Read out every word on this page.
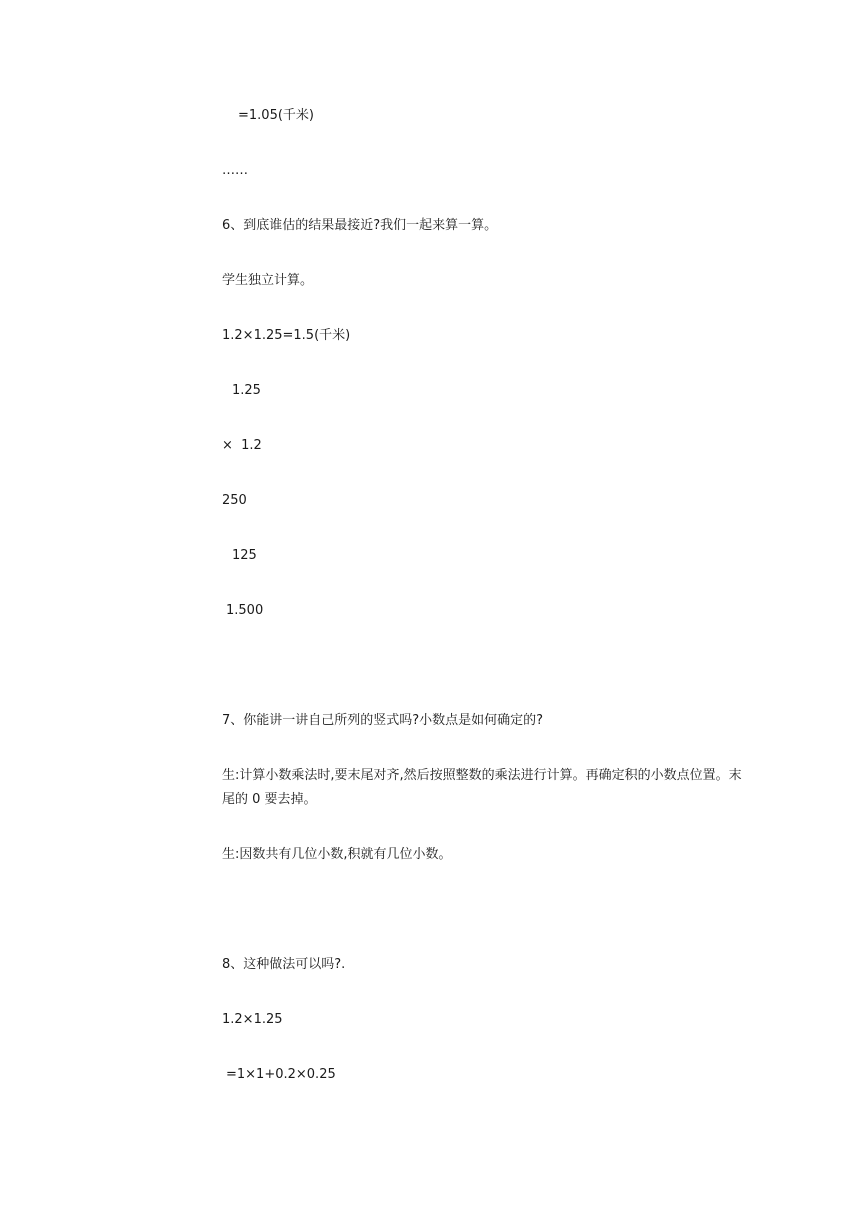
=1.05(千米)
……
6、到底谁估的结果最接近?我们一起来算一算。
学生独立计算。
1.2×1.25=1.5(千米)
1.25
×  1.2
250
125
1.500
7、你能讲一讲自己所列的竖式吗?小数点是如何确定的?
生:计算小数乘法时,要末尾对齐,然后按照整数的乘法进行计算。再确定积的小数点位置。末尾的 0 要去掉。
生:因数共有几位小数,积就有几位小数。
8、这种做法可以吗?.
1.2×1.25
=1×1+0.2×0.25
